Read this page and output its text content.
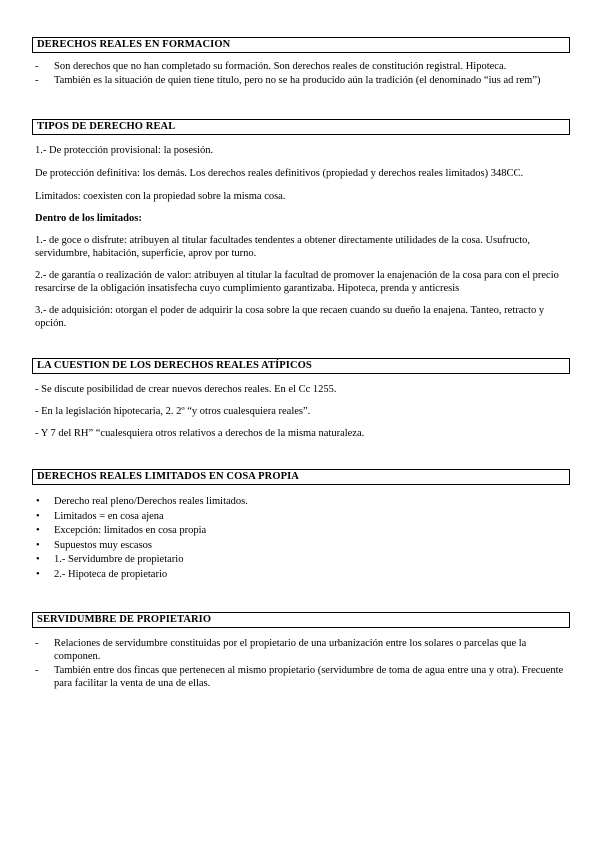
DERECHOS REALES EN FORMACION
- Son derechos que no han completado su formación. Son derechos reales de constitución registral. Hipoteca.
- También es la situación de quien tiene título, pero no se ha producido aún la tradición (el denominado “ius ad rem”)
TIPOS DE DERECHO REAL

1.- De protección provisional: la posesión.

De protección definitiva: los demás. Los derechos reales definitivos (propiedad y derechos reales limitados) 348CC.

Limitados: coexisten con la propiedad sobre la misma cosa.

Dentro de los limitados:

1.- de goce o disfrute: atribuyen al titular facultades tendentes a obtener directamente utilidades de la cosa. Usufructo, servidumbre, habitación, superficie, aprov por turno.

2.- de garantía o realización de valor: atribuyen al titular la facultad de promover la enajenación de la cosa para con el precio resarcirse de la obligación insatisfecha cuyo cumplimiento garantizaba. Hipoteca, prenda y anticresis

3.- de adquisición: otorgan el poder de adquirir la cosa sobre la que recaen cuando su dueño la enajena. Tanteo, retracto y opción.

LA CUESTION DE LOS DERECHOS REALES ATÍPICOS

- Se discute posibilidad de crear nuevos derechos reales. En el Cc 1255.

- En la legislación hipotecaria, 2. 2º “y otros cualesquiera reales”.

- Y 7 del RH” “cualesquiera otros relativos a derechos de la misma naturaleza.

DERECHOS REALES LIMITADOS EN COSA PROPIA
• Derecho real pleno/Derechos reales limitados.
• Limitados = en cosa ajena
• Excepción: limitados en cosa propia
• Supuestos muy escasos
• 1.- Servidumbre de propietario
• 2.- Hipoteca de propietario
SERVIDUMBRE DE PROPIETARIO
- Relaciones de servidumbre constituidas por el propietario de una urbanización entre los solares o parcelas que la componen.
- También entre dos fincas que pertenecen al mismo propietario (servidumbre de toma de agua entre una y otra). Frecuente para facilitar la venta de una de ellas.
